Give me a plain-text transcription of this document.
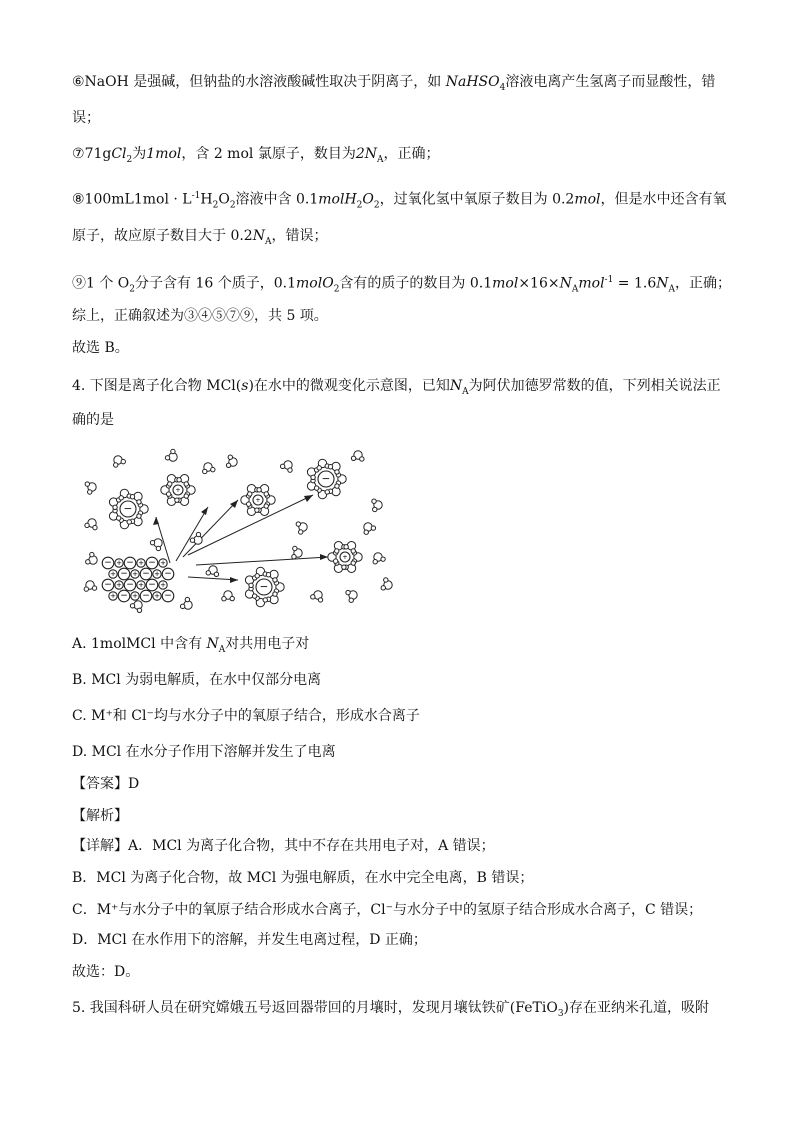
⑥NaOH 是强碱，但钠盐的水溶液酸碱性取决于阴离子，如 NaHSO$_4$溶液电离产生氢离子而显酸性，错
误；
⑦71gCl$_2$为1mol，含 2 mol 氯原子，数目为$2N_A$，正确；
⑧100mL1mol · $L^{-1}H_2O_2$溶液中含 $0.1molH_2O_2$，过氧化氢中氧原子数目为 0.2mol，但是水中还含有氧
原子，故应原子数目大于 $0.2N_A$，错误；
⑨1 个 $O_2$分子含有 16 个质子，0.1molO$_2$含有的质子的数目为 $0.1mol\times 16\times N_Amol^{-1} = 1.6N_A$，正确；
综上，正确叙述为③④⑤⑦⑨，共 5 项。
故选 B。
4. 下图是离子化合物 MCl(s)在水中的微观变化示意图，已知$N_A$为阿伏加德罗常数的值，下列相关说法正
确的是
− + − + − +
+ − + − + −
− + − + − +
+ − + − + −
−
+
+
−
+
−
A. 1molMCl 中含有 $N_A$对共用电子对
B. MCl 为弱电解质，在水中仅部分电离
C. M⁺和 Cl⁻均与水分子中的氧原子结合，形成水合离子
D. MCl 在水分子作用下溶解并发生了电离
【答案】D
【解析】
【详解】A．MCl 为离子化合物，其中不存在共用电子对，A 错误；
B．MCl 为离子化合物，故 MCl 为强电解质，在水中完全电离，B 错误；
C．M⁺与水分子中的氧原子结合形成水合离子，Cl⁻与水分子中的氢原子结合形成水合离子，C 错误；
D．MCl 在水作用下的溶解，并发生电离过程，D 正确；
故选：D。
5. 我国科研人员在研究嫦娥五号返回器带回的月壤时，发现月壤钛铁矿(FeTiO$_3$)存在亚纳米孔道，吸附
